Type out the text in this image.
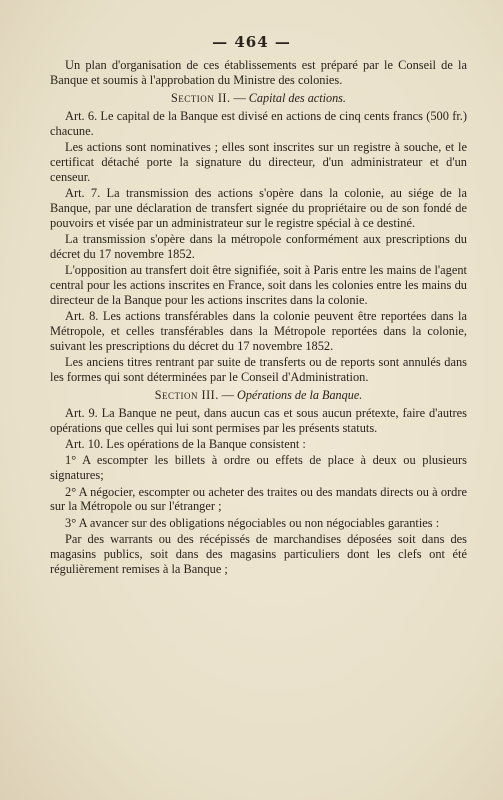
— 464 —

Un plan d'organisation de ces établissements est préparé par le Conseil de la Banque et soumis à l'approbation du Ministre des colonies.

Section II. — Capital des actions.

Art. 6. Le capital de la Banque est divisé en actions de cinq cents francs (500 fr.) chacune.

Les actions sont nominatives ; elles sont inscrites sur un registre à souche, et le certificat détaché porte la signature du directeur, d'un administrateur et d'un censeur.

Art. 7. La transmission des actions s'opère dans la colonie, au siége de la Banque, par une déclaration de transfert signée du propriétaire ou de son fondé de pouvoirs et visée par un administrateur sur le registre spécial à ce destiné.

La transmission s'opère dans la métropole conformément aux prescriptions du décret du 17 novembre 1852.

L'opposition au transfert doit être signifiée, soit à Paris entre les mains de l'agent central pour les actions inscrites en France, soit dans les colonies entre les mains du directeur de la Banque pour les actions inscrites dans la colonie.

Art. 8. Les actions transférables dans la colonie peuvent être reportées dans la Métropole, et celles transférables dans la Métropole reportées dans la colonie, suivant les prescriptions du décret du 17 novembre 1852.

Les anciens titres rentrant par suite de transferts ou de reports sont annulés dans les formes qui sont déterminées par le Conseil d'Administration.

Section III. — Opérations de la Banque.

Art. 9. La Banque ne peut, dans aucun cas et sous aucun prétexte, faire d'autres opérations que celles qui lui sont permises par les présents statuts.

Art. 10. Les opérations de la Banque consistent :

1° A escompter les billets à ordre ou effets de place à deux ou plusieurs signatures;

2° A négocier, escompter ou acheter des traites ou des mandats directs ou à ordre sur la Métropole ou sur l'étranger ;

3° A avancer sur des obligations négociables ou non négociables garanties :

Par des warrants ou des récépissés de marchandises déposées soit dans des magasins publics, soit dans des magasins particuliers dont les clefs ont été régulièrement remises à la Banque ;
